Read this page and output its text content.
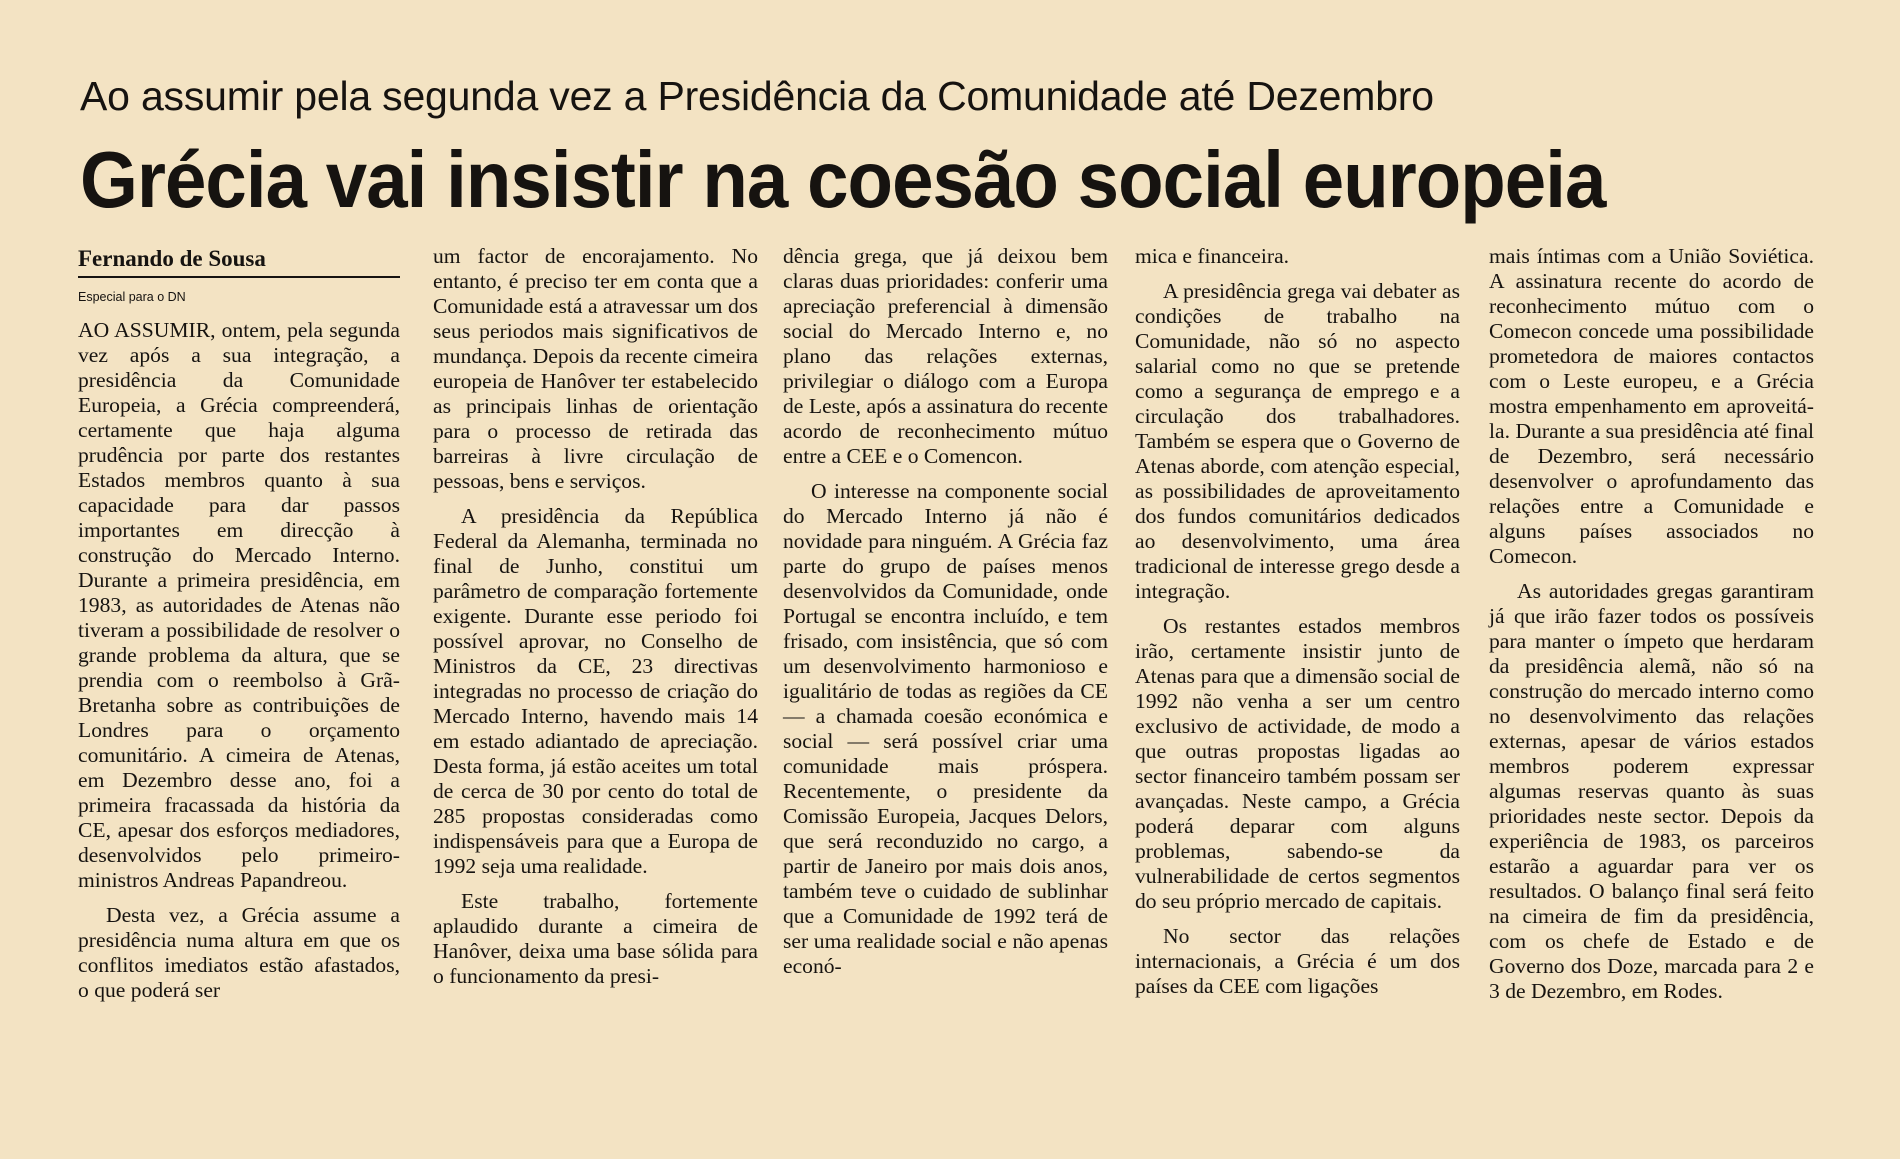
Ao assumir pela segunda vez a Presidência da Comunidade até Dezembro
Grécia vai insistir na coesão social europeia
Fernando de Sousa
Especial para o DN

AO ASSUMIR, ontem, pela segunda vez após a sua integração, a presidência da Comunidade Europeia, a Grécia compreenderá, certamente que haja alguma prudência por parte dos restantes Estados membros quanto à sua capacidade para dar passos importantes em direcção à construção do Mercado Interno. Durante a primeira presidência, em 1983, as autoridades de Atenas não tiveram a possibilidade de resolver o grande problema da altura, que se prendia com o reembolso à Grã-Bretanha sobre as contribuições de Londres para o orçamento comunitário. A cimeira de Atenas, em Dezembro desse ano, foi a primeira fracassada da história da CE, apesar dos esforços mediadores, desenvolvidos pelo primeiro-ministros Andreas Papandreou.

Desta vez, a Grécia assume a presidência numa altura em que os conflitos imediatos estão afastados, o que poderá ser

um factor de encorajamento. No entanto, é preciso ter em conta que a Comunidade está a atravessar um dos seus periodos mais significativos de mundança. Depois da recente cimeira europeia de Hanôver ter estabelecido as principais linhas de orientação para o processo de retirada das barreiras à livre circulação de pessoas, bens e serviços.

A presidência da República Federal da Alemanha, terminada no final de Junho, constitui um parâmetro de comparação fortemente exigente. Durante esse periodo foi possível aprovar, no Conselho de Ministros da CE, 23 directivas integradas no processo de criação do Mercado Interno, havendo mais 14 em estado adiantado de apreciação. Desta forma, já estão aceites um total de cerca de 30 por cento do total de 285 propostas consideradas como indispensáveis para que a Europa de 1992 seja uma realidade.

Este trabalho, fortemente aplaudido durante a cimeira de Hanôver, deixa uma base sólida para o funcionamento da presi-

dência grega, que já deixou bem claras duas prioridades: conferir uma apreciação preferencial à dimensão social do Mercado Interno e, no plano das relações externas, privilegiar o diálogo com a Europa de Leste, após a assinatura do recente acordo de reconhecimento mútuo entre a CEE e o Comencon.

O interesse na componente social do Mercado Interno já não é novidade para ninguém. A Grécia faz parte do grupo de países menos desenvolvidos da Comunidade, onde Portugal se encontra incluído, e tem frisado, com insistência, que só com um desenvolvimento harmonioso e igualitário de todas as regiões da CE — a chamada coesão económica e social — será possível criar uma comunidade mais próspera. Recentemente, o presidente da Comissão Europeia, Jacques Delors, que será reconduzido no cargo, a partir de Janeiro por mais dois anos, também teve o cuidado de sublinhar que a Comunidade de 1992 terá de ser uma realidade social e não apenas econó-

mica e financeira.

A presidência grega vai debater as condições de trabalho na Comunidade, não só no aspecto salarial como no que se pretende como a segurança de emprego e a circulação dos trabalhadores. Também se espera que o Governo de Atenas aborde, com atenção especial, as possibilidades de aproveitamento dos fundos comunitários dedicados ao desenvolvimento, uma área tradicional de interesse grego desde a integração.

Os restantes estados membros irão, certamente insistir junto de Atenas para que a dimensão social de 1992 não venha a ser um centro exclusivo de actividade, de modo a que outras propostas ligadas ao sector financeiro também possam ser avançadas. Neste campo, a Grécia poderá deparar com alguns problemas, sabendo-se da vulnerabilidade de certos segmentos do seu próprio mercado de capitais.

No sector das relações internacionais, a Grécia é um dos países da CEE com ligações

mais íntimas com a União Soviética. A assinatura recente do acordo de reconhecimento mútuo com o Comecon concede uma possibilidade prometedora de maiores contactos com o Leste europeu, e a Grécia mostra empenhamento em aproveitá-la. Durante a sua presidência até final de Dezembro, será necessário desenvolver o aprofundamento das relações entre a Comunidade e alguns países associados no Comecon.

As autoridades gregas garantiram já que irão fazer todos os possíveis para manter o ímpeto que herdaram da presidência alemã, não só na construção do mercado interno como no desenvolvimento das relações externas, apesar de vários estados membros poderem expressar algumas reservas quanto às suas prioridades neste sector. Depois da experiência de 1983, os parceiros estarão a aguardar para ver os resultados. O balanço final será feito na cimeira de fim da presidência, com os chefe de Estado e de Governo dos Doze, marcada para 2 e 3 de Dezembro, em Rodes.
